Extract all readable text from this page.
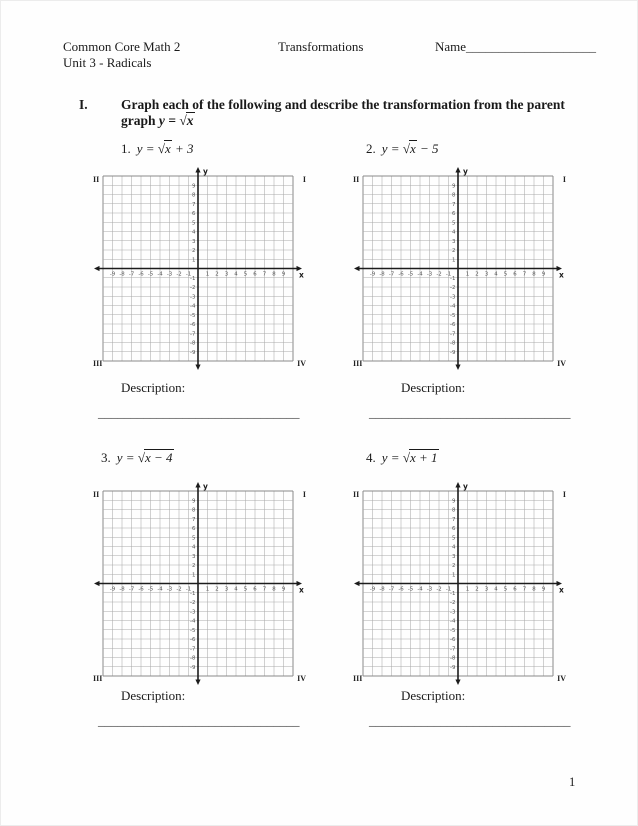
Common Core Math 2
Unit 3 - Radicals
Transformations	Name____________________
I. Graph each of the following and describe the transformation from the parent graph y = √x
1. y = √x + 3	2. y = √x − 5
-9 -8 -7 -6 -5 -4 -3 -2 -1	1 2 3 4 5 6 7 8 9
9
8
7
6
5
4
3
2
1
-1
-2
-3
-4
-5
-6
-7
-8
-9
x
y
II	I
III	IV
-9 -8 -7 -6 -5 -4 -3 -2 -1	1 2 3 4 5 6 7 8 9
9
8
7
6
5
4
3
2
1
-1
-2
-3
-4
-5
-6
-7
-8
-9
x
y
II	I
III	IV
Description:	Description:
_______________________________	_______________________________
3. y = √x − 4	4. y = √x + 1
-9 -8 -7 -6 -5 -4 -3 -2 -1	1 2 3 4 5 6 7 8 9
9
8
7
6
5
4
3
2
1
-1
-2
-3
-4
-5
-6
-7
-8
-9
x
y
II	I
III	IV
-9 -8 -7 -6 -5 -4 -3 -2 -1	1 2 3 4 5 6 7 8 9
9
8
7
6
5
4
3
2
1
-1
-2
-3
-4
-5
-6
-7
-8
-9
x
y
II	I
III	IV
Description:	Description:
_______________________________	_______________________________
1
